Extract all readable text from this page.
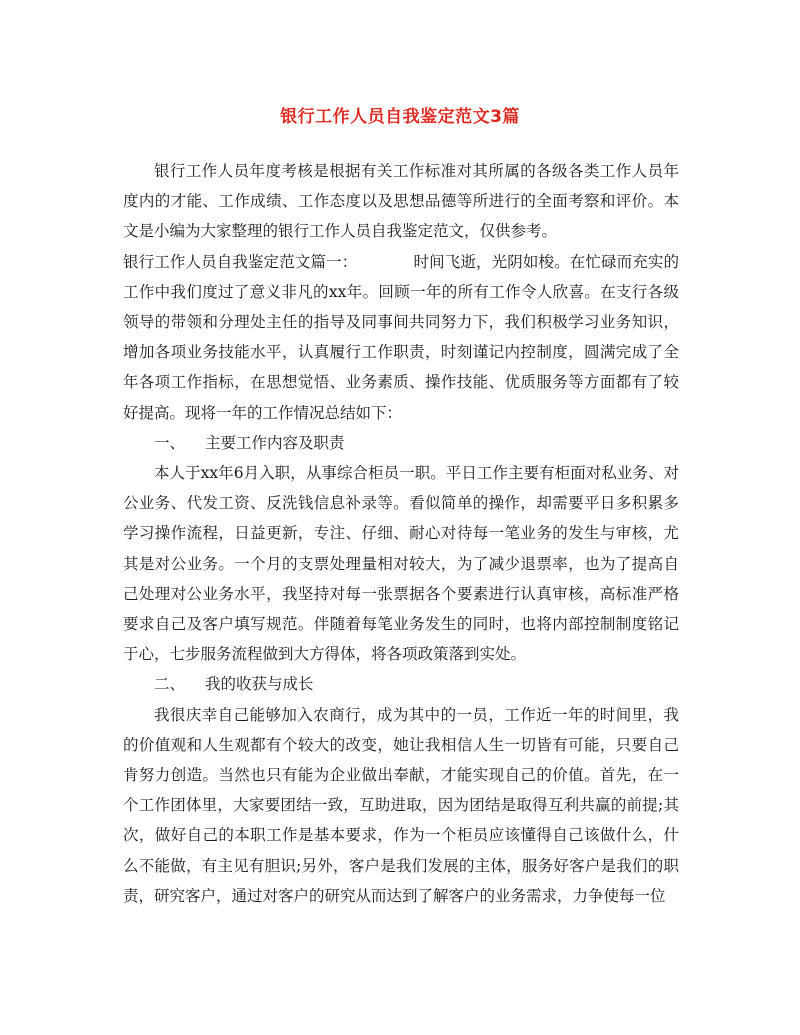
银行工作人员自我鉴定范文3篇

银行工作人员年度考核是根据有关工作标准对其所属的各级各类工作人员年度内的才能、工作成绩、工作态度以及思想品德等所进行的全面考察和评价。本文是小编为大家整理的银行工作人员自我鉴定范文，仅供参考。

银行工作人员自我鉴定范文篇一：	时间飞逝，光阴如梭。在忙碌而充实的工作中我们度过了意义非凡的xx年。回顾一年的所有工作令人欣喜。在支行各级领导的带领和分理处主任的指导及同事间共同努力下，我们积极学习业务知识，增加各项业务技能水平，认真履行工作职责，时刻谨记内控制度，圆满完成了全年各项工作指标，在思想觉悟、业务素质、操作技能、优质服务等方面都有了较好提高。现将一年的工作情况总结如下：

一、 主要工作内容及职责

本人于xx年6月入职，从事综合柜员一职。平日工作主要有柜面对私业务、对公业务、代发工资、反洗钱信息补录等。看似简单的操作，却需要平日多积累多学习操作流程，日益更新，专注、仔细、耐心对待每一笔业务的发生与审核，尤其是对公业务。一个月的支票处理量相对较大，为了减少退票率，也为了提高自己处理对公业务水平，我坚持对每一张票据各个要素进行认真审核，高标准严格要求自己及客户填写规范。伴随着每笔业务发生的同时，也将内部控制制度铭记于心，七步服务流程做到大方得体，将各项政策落到实处。

二、 我的收获与成长

我很庆幸自己能够加入农商行，成为其中的一员，工作近一年的时间里，我的价值观和人生观都有个较大的改变，她让我相信人生一切皆有可能，只要自己肯努力创造。当然也只有能为企业做出奉献，才能实现自己的价值。首先，在一个工作团体里，大家要团结一致，互助进取，因为团结是取得互利共赢的前提;其次，做好自己的本职工作是基本要求，作为一个柜员应该懂得自己该做什么，什么不能做，有主见有胆识;另外，客户是我们发展的主体，服务好客户是我们的职责，研究客户，通过对客户的研究从而达到了解客户的业务需求，力争使每一位
